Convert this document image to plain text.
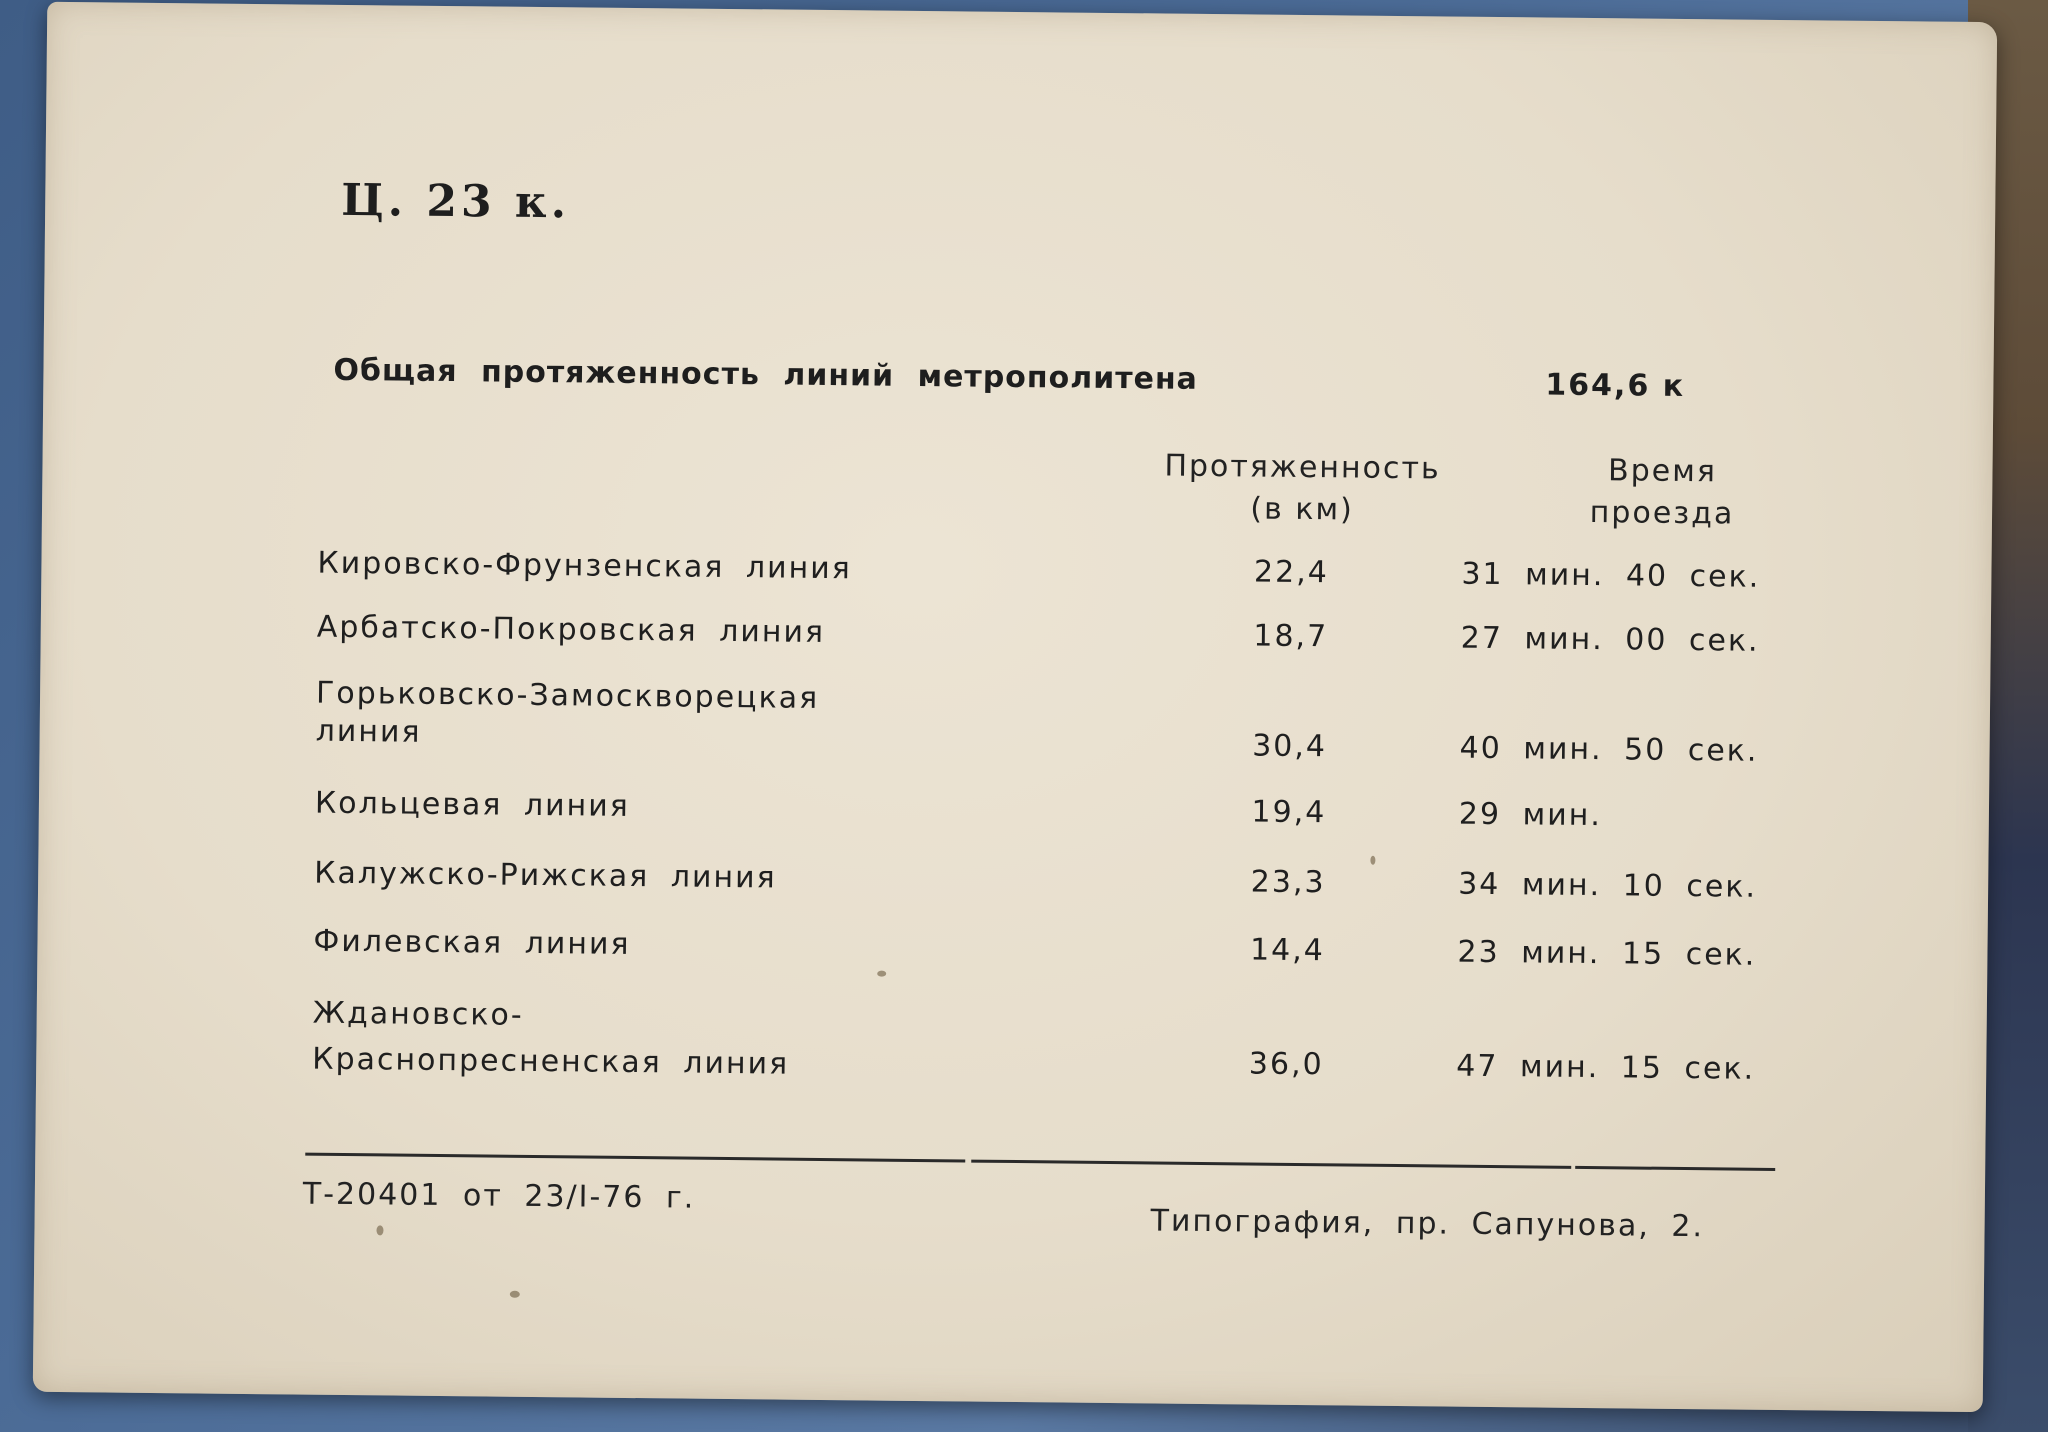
Ц. 23 к.
Общая протяженность линий метрополитена	164,6 к
Протяженность
(в км)
Время
проезда
Кировско-Фрунзенская линия	22,4	31 мин. 40 сек.
Арбатско-Покровская линия	18,7	27 мин. 00 сек.
Горьковско-Замосквoрецкая линия	30,4	40 мин. 50 сек.
Кольцевая линия	19,4	29 мин.
Калужско-Рижская линия	23,3	34 мин. 10 сек.
Филевская линия	14,4	23 мин. 15 сек.
Ждановско-Краснопресненская линия	36,0	47 мин. 15 сек.
Т-20401 от 23/I-76 г.
Типография, пр. Сапунова, 2.
